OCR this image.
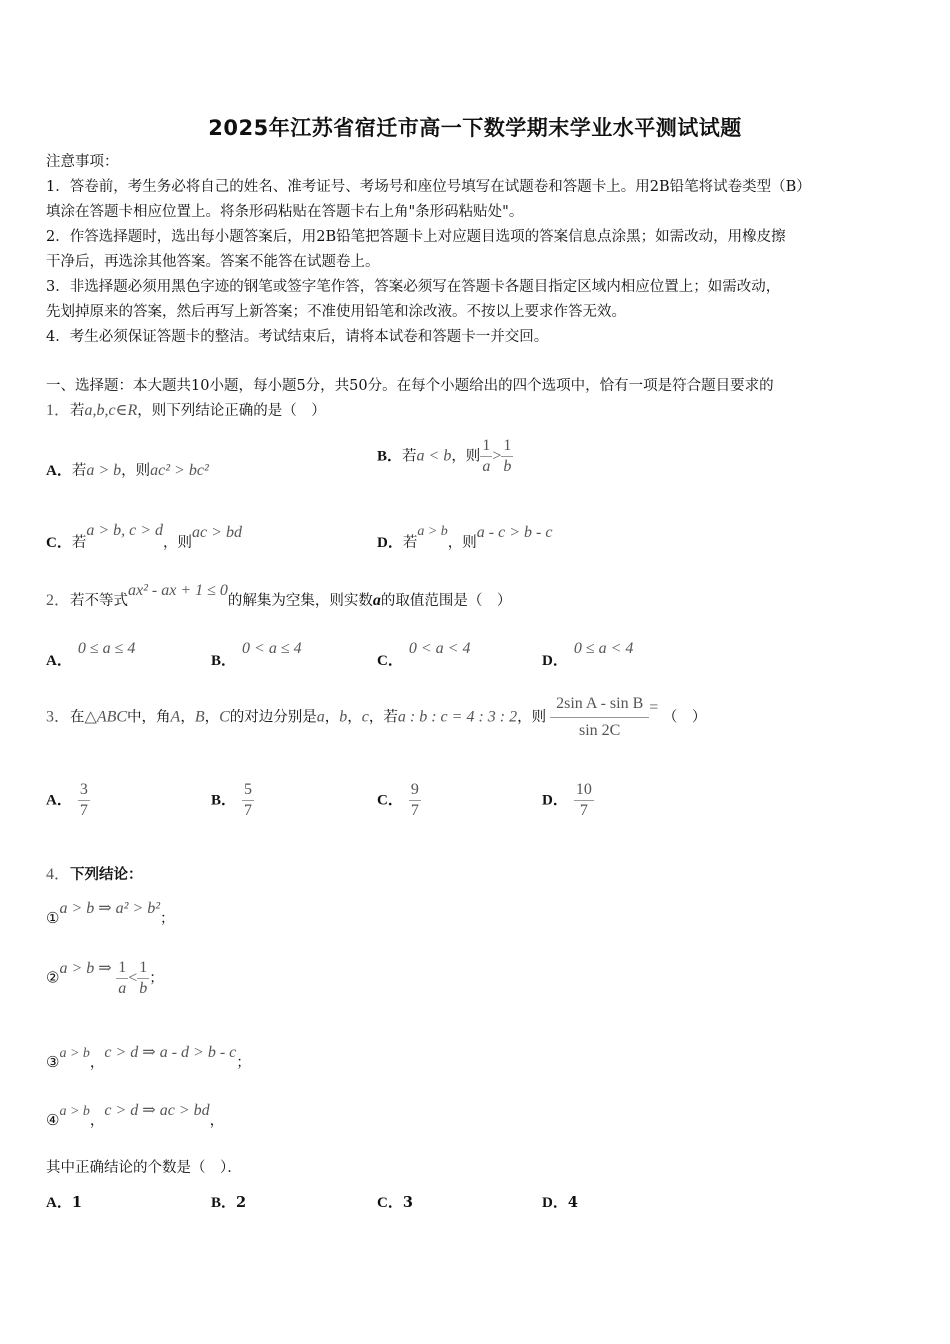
2025年江苏省宿迁市高一下数学期末学业水平测试试题
注意事项：
1．答卷前，考生务必将自己的姓名、准考证号、考场号和座位号填写在试题卷和答题卡上。用2B铅笔将试卷类型（B）
填涂在答题卡相应位置上。将条形码粘贴在答题卡右上角"条形码粘贴处"。
2．作答选择题时，选出每小题答案后，用2B铅笔把答题卡上对应题目选项的答案信息点涂黑；如需改动，用橡皮擦
干净后，再选涂其他答案。答案不能答在试题卷上。
3．非选择题必须用黑色字迹的钢笔或签字笔作答，答案必须写在答题卡各题目指定区域内相应位置上；如需改动，
先划掉原来的答案，然后再写上新答案；不准使用铅笔和涂改液。不按以上要求作答无效。
4．考生必须保证答题卡的整洁。考试结束后，请将本试卷和答题卡一并交回。
一、选择题：本大题共10小题，每小题5分，共50分。在每个小题给出的四个选项中，恰有一项是符合题目要求的
1．若a,b,c∈R，则下列结论正确的是（　）
A．若a > b，则ac² > bc²
B．若a < b，则 $\frac{1}{a} > \frac{1}{b}$
C．若a > b, c > d，则ac > bd
D．若a > b，则a - c > b - c
2．若不等式ax² - ax + 1 ≤ 0的解集为空集，则实数a的取值范围是（　）
A．0 ≤ a ≤ 4
B．0 < a ≤ 4
C．0 < a < 4
D．0 ≤ a < 4
3．在△ABC中，角A，B，C的对边分别是a，b，c，若a : b : c = 4 : 3 : 2，则 $\frac{\text{2sin A - sin B}}{\sin 2C}$ = （　）
A． $\frac{3}{7}$	B． $\frac{5}{7}$	C． $\frac{9}{7}$	D． $\frac{10}{7}$
4．下列结论：
①a > b ⇒ a² > b²；
②a > b ⇒ $\frac{1}{a} < \frac{1}{b}$ ；
③a > b，c > d ⇒ a - d > b - c；
④a > b，c > d ⇒ ac > bd，
其中正确结论的个数是（　）．
A．1	B．2	C．3	D．4
